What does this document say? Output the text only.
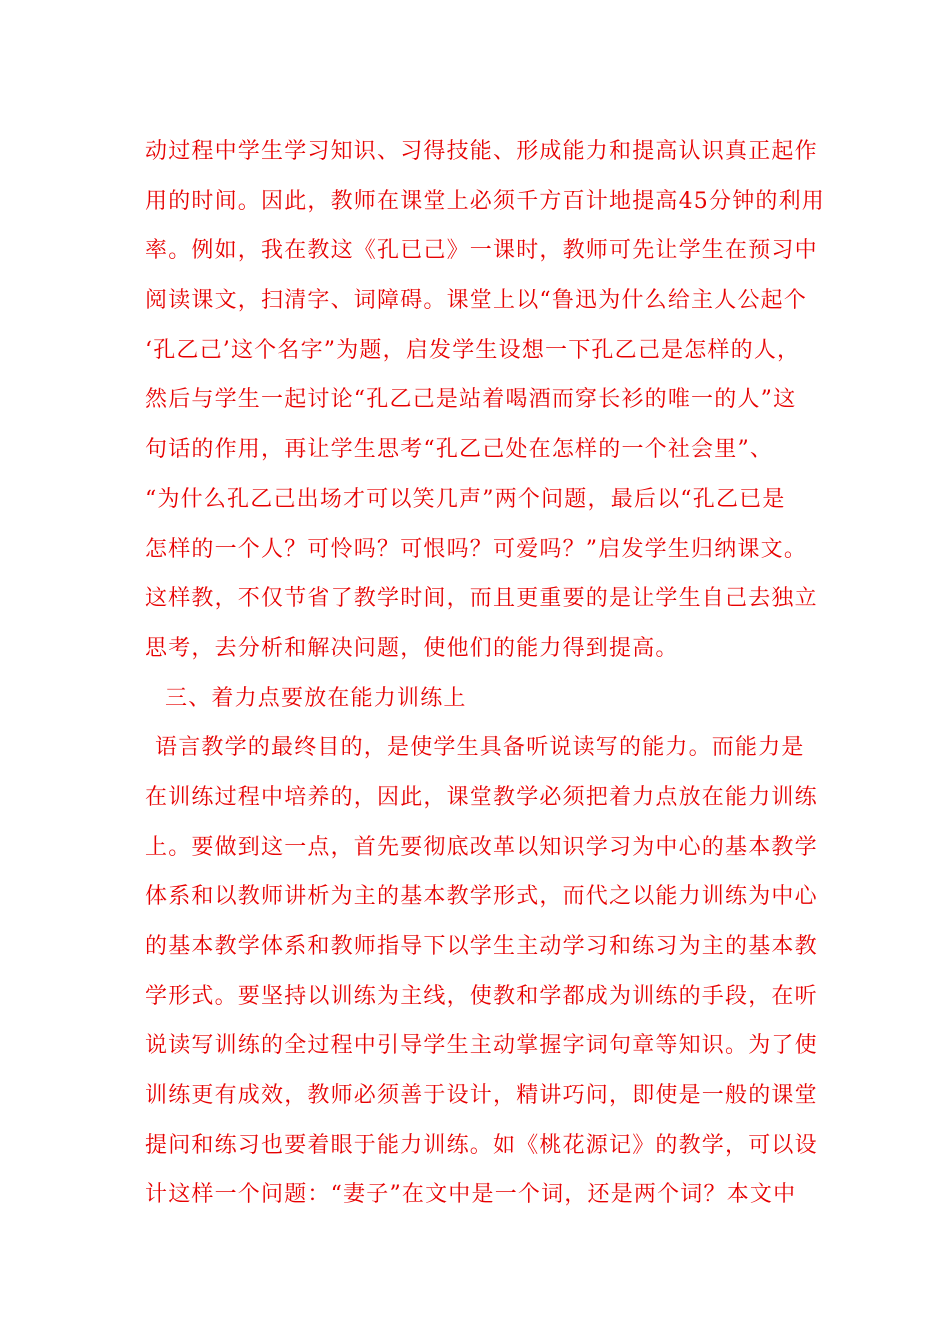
动过程中学生学习知识、习得技能、形成能力和提高认识真正起作
用的时间。因此，教师在课堂上必须千方百计地提高45分钟的利用
率。例如，我在教这《孔已己》一课时，教师可先让学生在预习中
阅读课文，扫清字、词障碍。课堂上以“鲁迅为什么给主人公起个
‘孔乙己’这个名字”为题，启发学生设想一下孔乙己是怎样的人，
然后与学生一起讨论“孔乙己是站着喝酒而穿长衫的唯一的人”这
句话的作用，再让学生思考“孔乙己处在怎样的一个社会里”、
“为什么孔乙己出场才可以笑几声”两个问题，最后以“孔乙已是
怎样的一个人？可怜吗？可恨吗？可爱吗？”启发学生归纳课文。
这样教，不仅节省了教学时间，而且更重要的是让学生自己去独立
思考，去分析和解决问题，使他们的能力得到提高。
三、着力点要放在能力训练上
语言教学的最终目的，是使学生具备听说读写的能力。而能力是
在训练过程中培养的，因此，课堂教学必须把着力点放在能力训练
上。要做到这一点，首先要彻底改革以知识学习为中心的基本教学
体系和以教师讲析为主的基本教学形式，而代之以能力训练为中心
的基本教学体系和教师指导下以学生主动学习和练习为主的基本教
学形式。要坚持以训练为主线，使教和学都成为训练的手段，在听
说读写训练的全过程中引导学生主动掌握字词句章等知识。为了使
训练更有成效，教师必须善于设计，精讲巧问，即使是一般的课堂
提问和练习也要着眼于能力训练。如《桃花源记》的教学，可以设
计这样一个问题：“妻子”在文中是一个词，还是两个词？本文中
